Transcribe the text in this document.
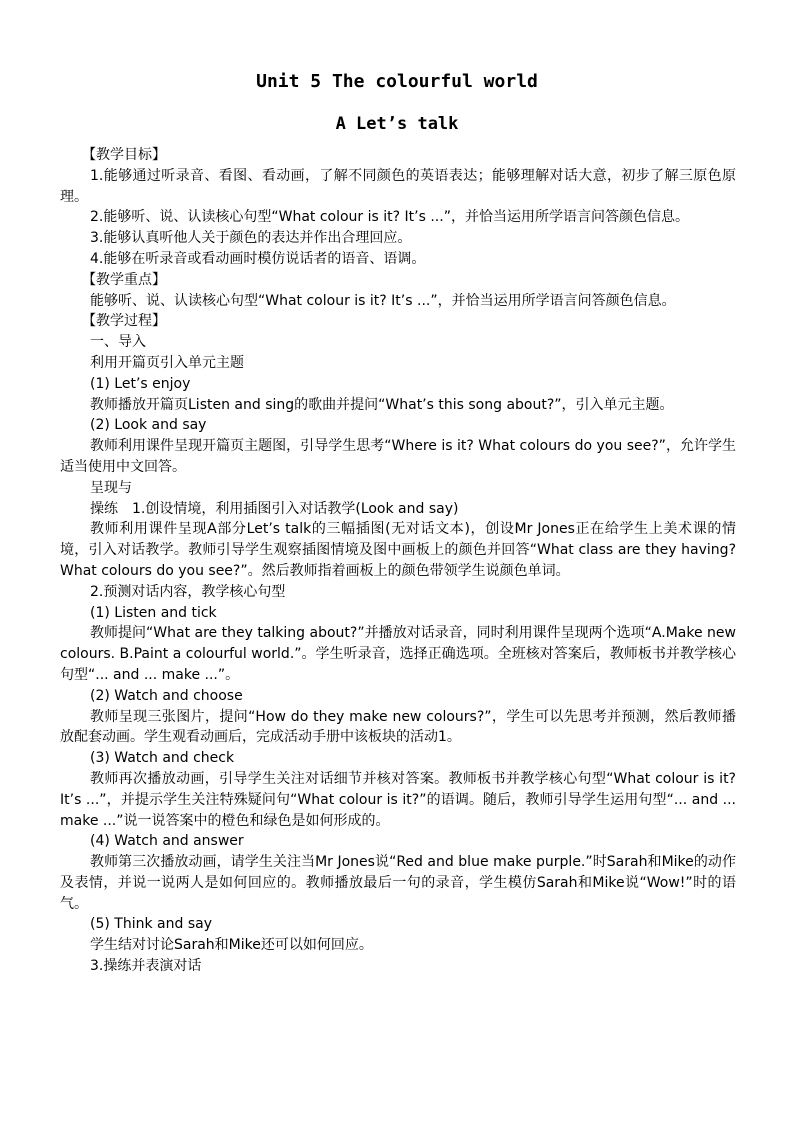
Unit 5 The colourful world
A Let’s talk

【教学目标】

1.能够通过听录音、看图、看动画，了解不同颜色的英语表达；能够理解对话大意，初步了解三原色原理。

2.能够听、说、认读核心句型“What colour is it? It’s ...”，并恰当运用所学语言问答颜色信息。

3.能够认真听他人关于颜色的表达并作出合理回应。

4.能够在听录音或看动画时模仿说话者的语音、语调。

【教学重点】

能够听、说、认读核心句型“What colour is it? It’s ...”，并恰当运用所学语言问答颜色信息。

【教学过程】

一、导入

利用开篇页引入单元主题

(1) Let’s enjoy

教师播放开篇页Listen and sing的歌曲并提问“What’s this song about?”，引入单元主题。

(2) Look and say

教师利用课件呈现开篇页主题图，引导学生思考“Where is it? What colours do you see?”，允许学生适当使用中文回答。

呈现与

操练　1.创设情境，利用插图引入对话教学(Look and say)

教师利用课件呈现A部分Let’s talk的三幅插图(无对话文本)，创设Mr Jones正在给学生上美术课的情境，引入对话教学。教师引导学生观察插图情境及图中画板上的颜色并回答“What class are they having? What colours do you see?”。然后教师指着画板上的颜色带领学生说颜色单词。

2.预测对话内容，教学核心句型

(1) Listen and tick

教师提问“What are they talking about?”并播放对话录音，同时利用课件呈现两个选项“A.Make new colours. B.Paint a colourful world.”。学生听录音，选择正确选项。全班核对答案后，教师板书并教学核心句型“... and ... make ...”。

(2) Watch and choose

教师呈现三张图片，提问“How do they make new colours?”，学生可以先思考并预测，然后教师播放配套动画。学生观看动画后，完成活动手册中该板块的活动1。

(3) Watch and check

教师再次播放动画，引导学生关注对话细节并核对答案。教师板书并教学核心句型“What colour is it? It’s ...”，并提示学生关注特殊疑问句“What colour is it?”的语调。随后，教师引导学生运用句型“... and ... make ...”说一说答案中的橙色和绿色是如何形成的。

(4) Watch and answer

教师第三次播放动画，请学生关注当Mr Jones说“Red and blue make purple.”时Sarah和Mike的动作及表情，并说一说两人是如何回应的。教师播放最后一句的录音，学生模仿Sarah和Mike说“Wow!”时的语气。

(5) Think and say

学生结对讨论Sarah和Mike还可以如何回应。

3.操练并表演对话
